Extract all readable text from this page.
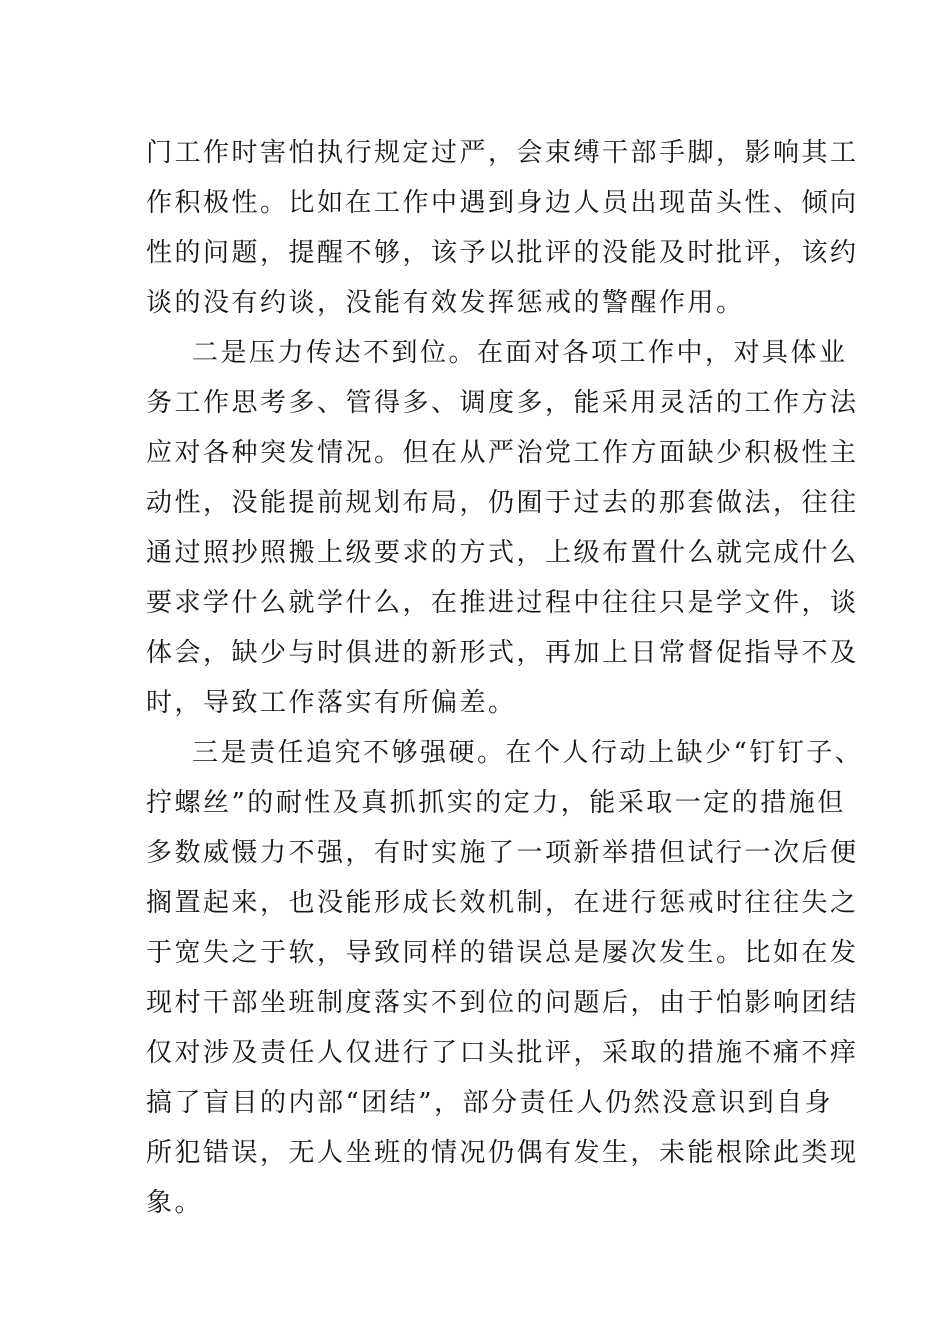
门工作时害怕执行规定过严，会束缚干部手脚，影响其工
作积极性。比如在工作中遇到身边人员出现苗头性、倾向
性的问题，提醒不够，该予以批评的没能及时批评，该约
谈的没有约谈，没能有效发挥惩戒的警醒作用。
二是压力传达不到位。在面对各项工作中，对具体业
务工作思考多、管得多、调度多，能采用灵活的工作方法
应对各种突发情况。但在从严治党工作方面缺少积极性主
动性，没能提前规划布局，仍囿于过去的那套做法，往往
通过照抄照搬上级要求的方式，上级布置什么就完成什么
要求学什么就学什么，在推进过程中往往只是学文件，谈
体会，缺少与时俱进的新形式，再加上日常督促指导不及
时，导致工作落实有所偏差。
三是责任追究不够强硬。在个人行动上缺少“钉钉子、
拧螺丝”的耐性及真抓抓实的定力，能采取一定的措施但
多数威慑力不强，有时实施了一项新举措但试行一次后便
搁置起来，也没能形成长效机制，在进行惩戒时往往失之
于宽失之于软，导致同样的错误总是屡次发生。比如在发
现村干部坐班制度落实不到位的问题后，由于怕影响团结
仅对涉及责任人仅进行了口头批评，采取的措施不痛不痒
搞了盲目的内部“团结”，部分责任人仍然没意识到自身
所犯错误，无人坐班的情况仍偶有发生，未能根除此类现
象。
